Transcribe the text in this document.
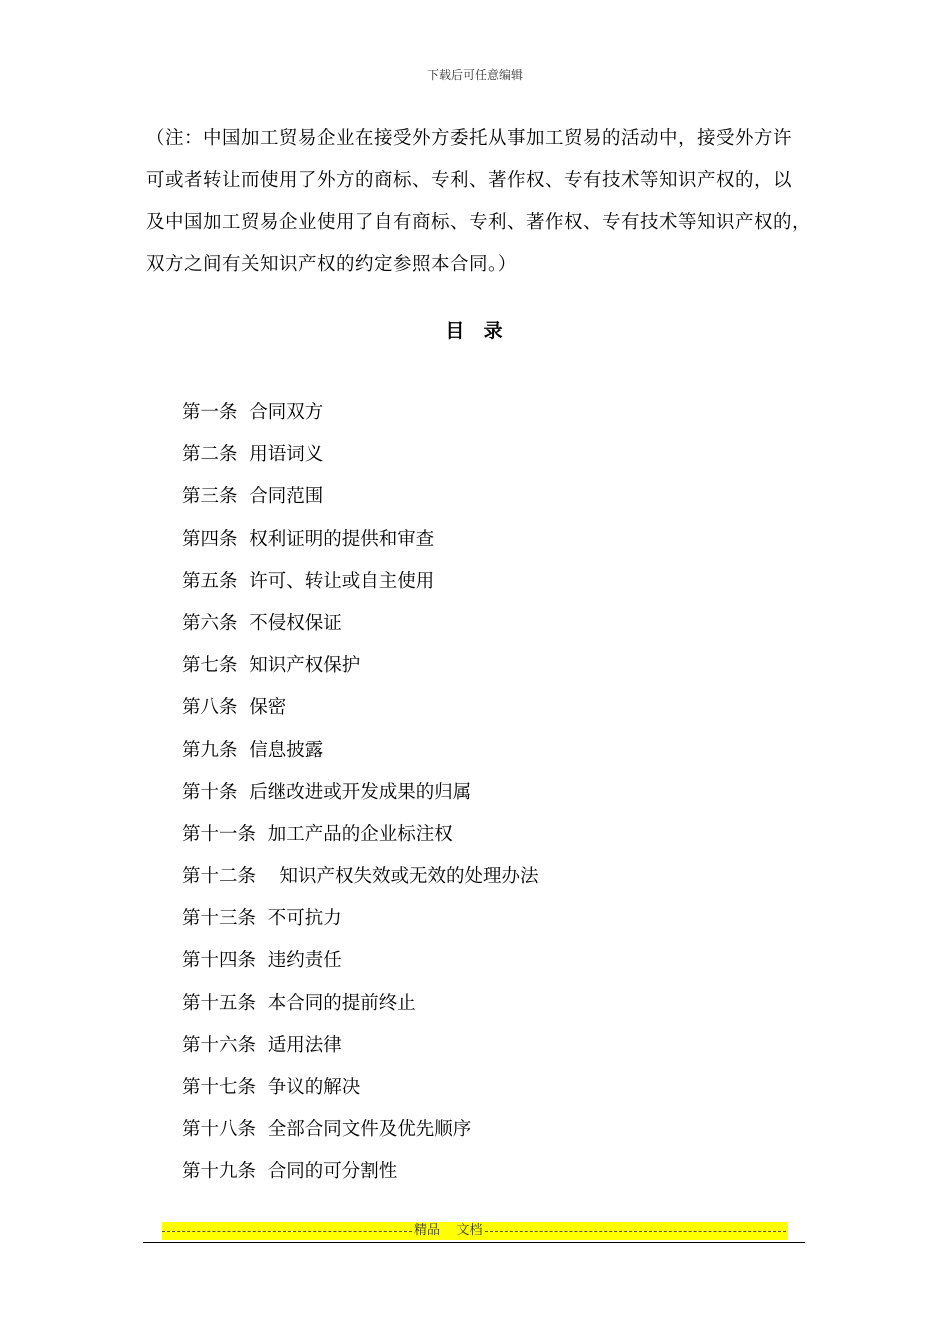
下载后可任意编辑
（注：中国加工贸易企业在接受外方委托从事加工贸易的活动中，接受外方许
可或者转让而使用了外方的商标、专利、著作权、专有技术等知识产权的，以
及中国加工贸易企业使用了自有商标、专利、著作权、专有技术等知识产权的，
双方之间有关知识产权的约定参照本合同。）
目  录
第一条  合同双方
第二条  用语词义
第三条  合同范围
第四条  权利证明的提供和审查
第五条  许可、转让或自主使用
第六条  不侵权保证
第七条  知识产权保护
第八条  保密
第九条  信息披露
第十条  后继改进或开发成果的归属
第十一条  加工产品的企业标注权
第十二条    知识产权失效或无效的处理办法
第十三条  不可抗力
第十四条  违约责任
第十五条  本合同的提前终止
第十六条  适用法律
第十七条  争议的解决
第十八条  全部合同文件及优先顺序
第十九条  合同的可分割性
精品    文档
